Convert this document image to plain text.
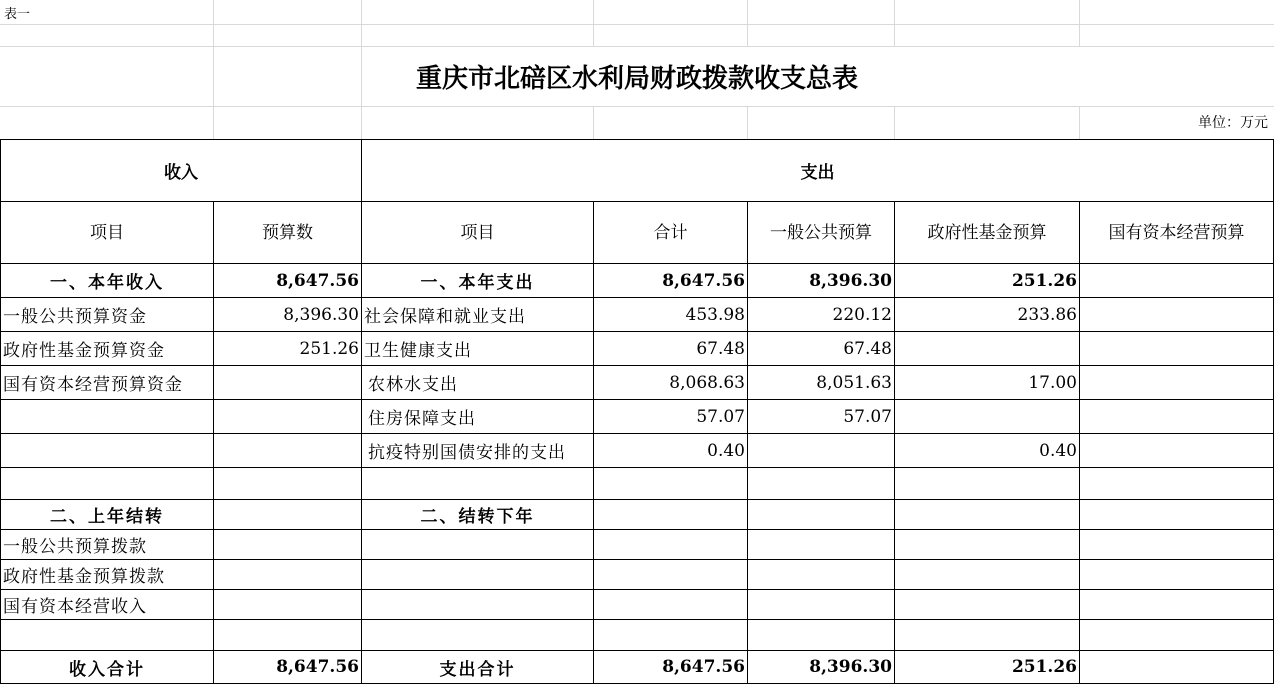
表一
重庆市北碚区水利局财政拨款收支总表
单位：万元
收入		支出				
项目	预算数	项目	合计	一般公共预算	政府性基金预算	国有资本经营预算
一、本年收入	8,647.56	一、本年支出	8,647.56	8,396.30	251.26	
一般公共预算资金	8,396.30	社会保障和就业支出	453.98	220.12	233.86	
政府性基金预算资金	251.26	卫生健康支出	67.48	67.48		
国有资本经营预算资金		农林水支出	8,068.63	8,051.63	17.00	
		住房保障支出	57.07	57.07		
		抗疫特别国债安排的支出	0.40		0.40	

二、上年结转		二、结转下年				
一般公共预算拨款						
政府性基金预算拨款						
国有资本经营收入						

收入合计	8,647.56	支出合计	8,647.56	8,396.30	251.26	
